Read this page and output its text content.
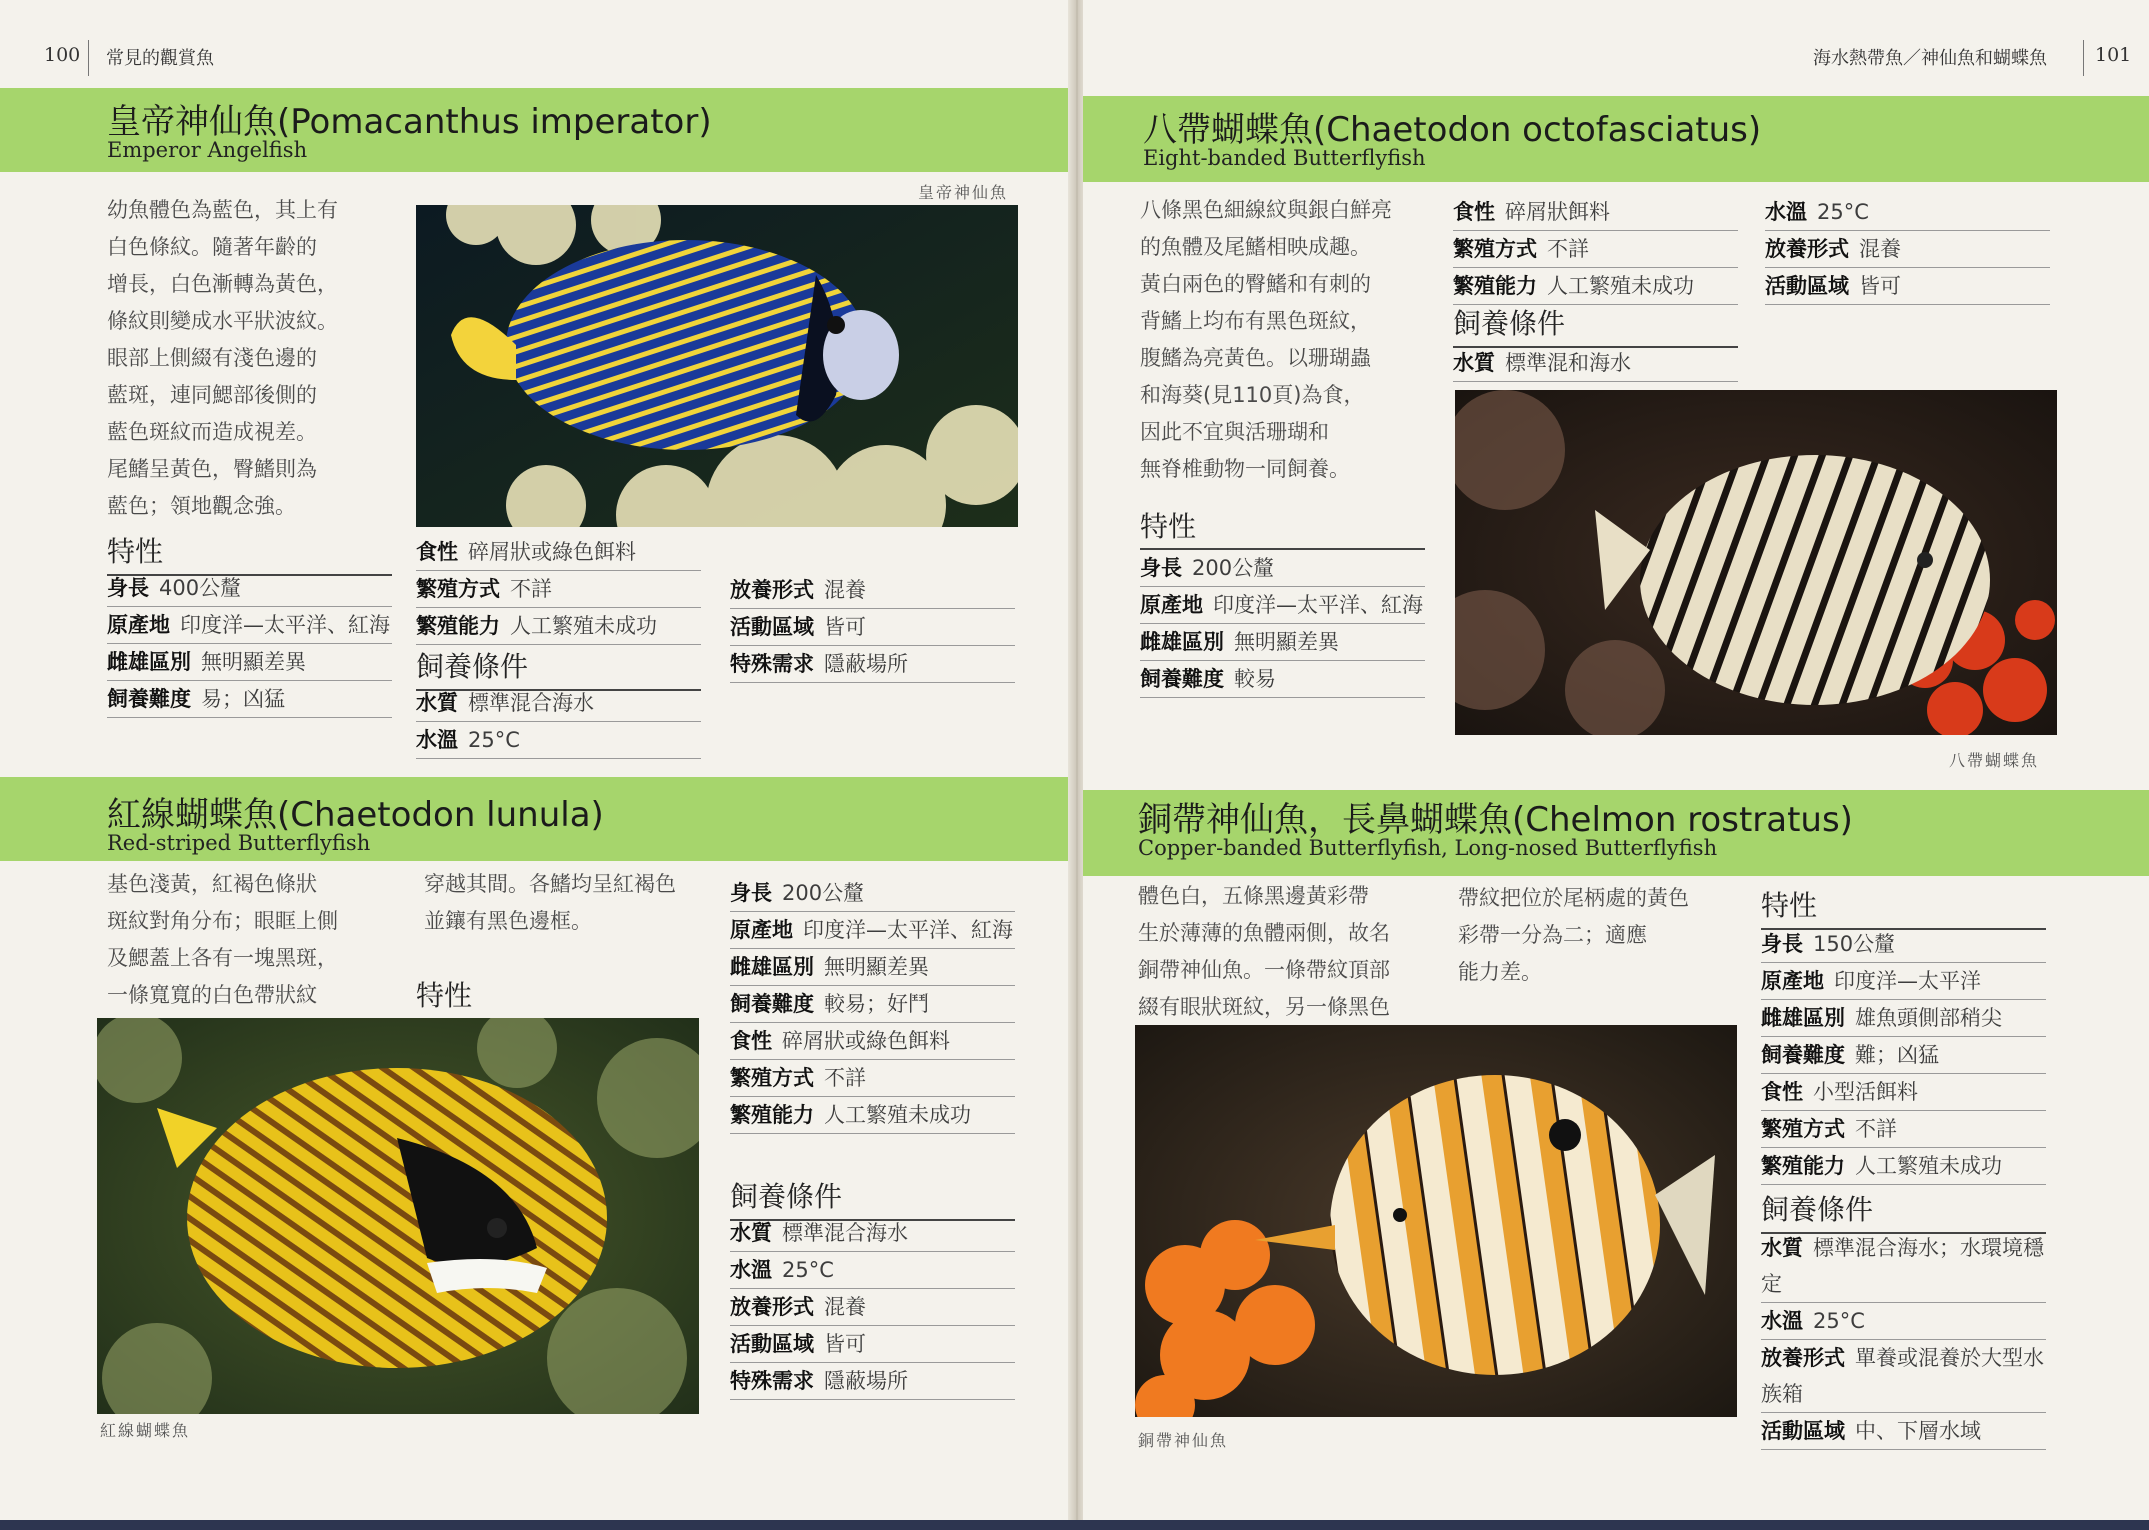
100 常見的觀賞魚
皇帝神仙魚(Pomacanthus imperator)
Emperor Angelfish

幼魚體色為藍色，其上有

白色條紋。隨著年齡的

增長，白色漸轉為黃色，

條紋則變成水平狀波紋。

眼部上側綴有淺色邊的

藍斑，連同鰓部後側的

藍色斑紋而造成視差。

尾鰭呈黃色，臀鰭則為

藍色；領地觀念強。

皇帝神仙魚
特性
身長 400公釐
原產地 印度洋—太平洋、紅海
雌雄區別 無明顯差異
飼養難度 易；凶猛
食性 碎屑狀或綠色餌料
繁殖方式 不詳
繁殖能力 人工繁殖未成功
飼養條件
水質 標準混合海水
水溫 25°C
放養形式 混養
活動區域 皆可
特殊需求 隱蔽場所
紅線蝴蝶魚(Chaetodon lunula)
Red-striped Butterflyfish

基色淺黃，紅褐色條狀

斑紋對角分布；眼眶上側

及鰓蓋上各有一塊黑斑，

一條寬寬的白色帶狀紋

穿越其間。各鰭均呈紅褐色

並鑲有黑色邊框。

特性
紅線蝴蝶魚
身長 200公釐
原產地 印度洋—太平洋、紅海
雌雄區別 無明顯差異
飼養難度 較易；好鬥
食性 碎屑狀或綠色餌料
繁殖方式 不詳
繁殖能力 人工繁殖未成功
飼養條件
水質 標準混合海水
水溫 25°C
放養形式 混養
活動區域 皆可
特殊需求 隱蔽場所
海水熱帶魚／神仙魚和蝴蝶魚	101
八帶蝴蝶魚(Chaetodon octofasciatus)
Eight-banded Butterflyfish

八條黑色細線紋與銀白鮮亮

的魚體及尾鰭相映成趣。

黃白兩色的臀鰭和有刺的

背鰭上均布有黑色斑紋，

腹鰭為亮黃色。以珊瑚蟲

和海葵(見110頁)為食，

因此不宜與活珊瑚和

無脊椎動物一同飼養。

食性 碎屑狀餌料
繁殖方式 不詳
繁殖能力 人工繁殖未成功
飼養條件
水質 標準混和海水
水溫 25°C
放養形式 混養
活動區域 皆可
八帶蝴蝶魚
特性
身長 200公釐
原產地 印度洋—太平洋、紅海
雌雄區別 無明顯差異
飼養難度 較易
銅帶神仙魚，長鼻蝴蝶魚(Chelmon rostratus)
Copper-banded Butterflyfish, Long-nosed Butterflyfish

體色白，五條黑邊黃彩帶

生於薄薄的魚體兩側，故名

銅帶神仙魚。一條帶紋頂部

綴有眼狀斑紋，另一條黑色

帶紋把位於尾柄處的黃色

彩帶一分為二；適應

能力差。

銅帶神仙魚
特性
身長 150公釐
原產地 印度洋—太平洋
雌雄區別 雄魚頭側部稍尖
飼養難度 難；凶猛
食性 小型活餌料
繁殖方式 不詳
繁殖能力 人工繁殖未成功
飼養條件
水質 標準混合海水；水環境穩定
水溫 25°C
放養形式 單養或混養於大型水族箱
活動區域 中、下層水域
